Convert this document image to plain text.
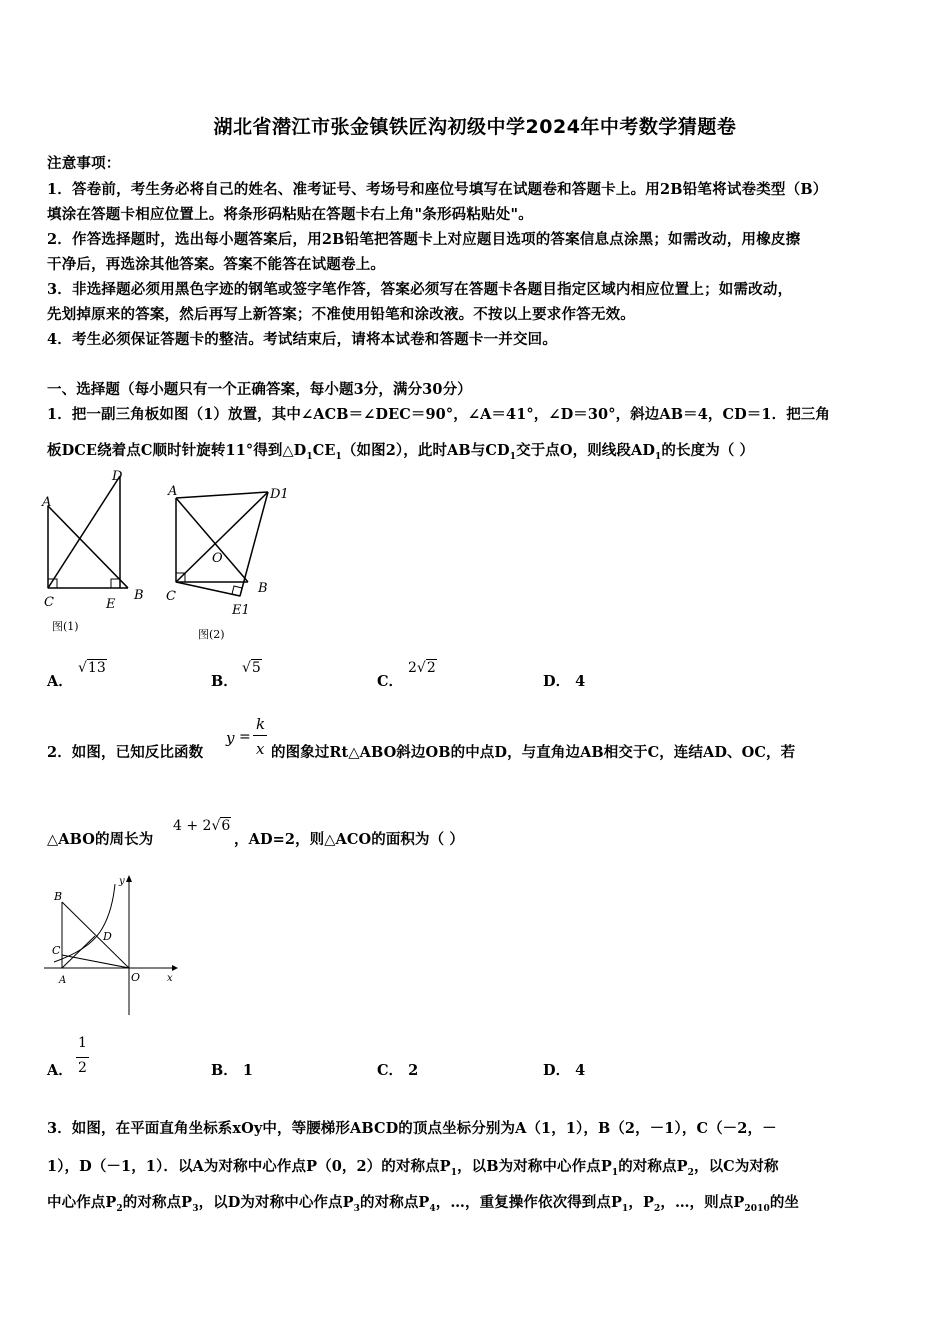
湖北省潜江市张金镇铁匠沟初级中学2024年中考数学猜题卷
注意事项：
1．答卷前，考生务必将自己的姓名、准考证号、考场号和座位号填写在试题卷和答题卡上。用2B铅笔将试卷类型（B）
填涂在答题卡相应位置上。将条形码粘贴在答题卡右上角"条形码粘贴处"。
2．作答选择题时，选出每小题答案后，用2B铅笔把答题卡上对应题目选项的答案信息点涂黑；如需改动，用橡皮擦
干净后，再选涂其他答案。答案不能答在试题卷上。
3．非选择题必须用黑色字迹的钢笔或签字笔作答，答案必须写在答题卡各题目指定区域内相应位置上；如需改动，
先划掉原来的答案，然后再写上新答案；不准使用铅笔和涂改液。不按以上要求作答无效。
4．考生必须保证答题卡的整洁。考试结束后，请将本试卷和答题卡一并交回。
一、选择题（每小题只有一个正确答案，每小题3分，满分30分）
1．把一副三角板如图（1）放置，其中∠ACB＝∠DEC＝90°，∠A＝41°，∠D＝30°，斜边AB＝4，CD＝1．把三角
板DCE绕着点C顺时针旋转11°得到$\triangle D_1CE_1$（如图2），此时AB与$CD_1$交于点O，则线段$AD_1$的长度为（ ）
A
D
C	E
B
图(1)
A	D1
O
C
B
E1
图(2)
A．
√13
B．
√5
C．
2√2
D． 4
2．如图，已知反比函数
y =
k
x 的图象过Rt△ABO斜边OB的中点D，与直角边AB相交于C，连结AD、OC，若
△ABO的周长为
4 + 2√6
，AD=2，则△ACO的面积为（ ）
B
C
D
A	O	x
y
A．
1
2	B． 1	C． 2	D． 4
3．如图，在平面直角坐标系xOy中，等腰梯形ABCD的顶点坐标分别为A（1，1），B（2，－1），C（－2，－
1），D（－1，1）．以A为对称中心作点P（0，2）的对称点$P_1$，以B为对称中心作点$P_1$的对称点$P_2$，以C为对称
中心作点$P_2$的对称点$P_3$，以D为对称中心作点$P_3$的对称点$P_4$，…，重复操作依次得到点$P_1$，$P_2$，…，则点$P_{2010}$的坐
